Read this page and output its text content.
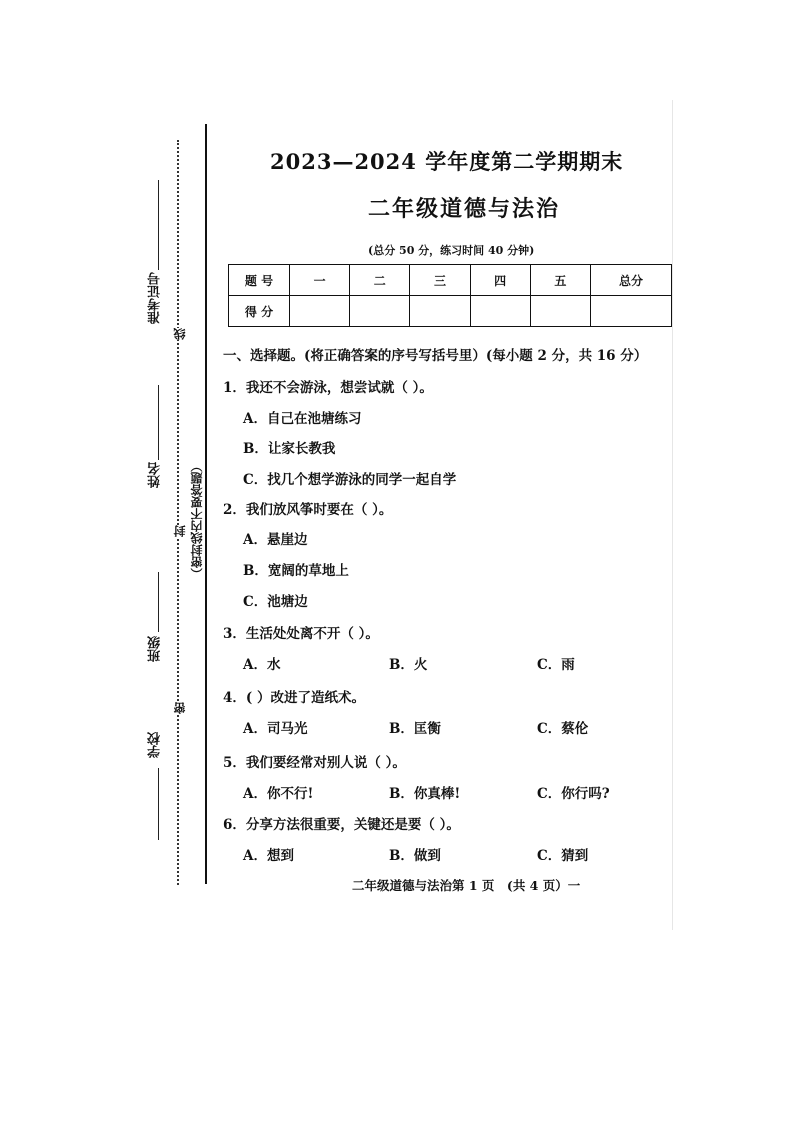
准考证号
线
姓名 （密封线内不要答题）
封
班级
密
学校
2023—2024 学年度第二学期期末
二年级道德与法治
(总分 50 分，练习时间 40 分钟)
题 号	一	二	三	四	五	总分
得 分						
一、选择题。(将正确答案的序号写括号里）(每小题 2 分，共 16 分）
1．我还不会游泳，想尝试就（ ）。
A．自己在池塘练习
B．让家长教我
C．找几个想学游泳的同学一起自学
2．我们放风筝时要在（ ）。
A．悬崖边
B．宽阔的草地上
C．池塘边
3．生活处处离不开（ ）。
A．水	B．火	C．雨
4．( ）改进了造纸术。
A．司马光	B．匡衡	C．蔡伦
5．我们要经常对别人说（ ）。
A．你不行!	B．你真棒!	C．你行吗?
6．分享方法很重要，关键还是要（ ）。
A．想到	B．做到	C．猜到
二年级道德与法治第 1 页　(共 4 页）一
